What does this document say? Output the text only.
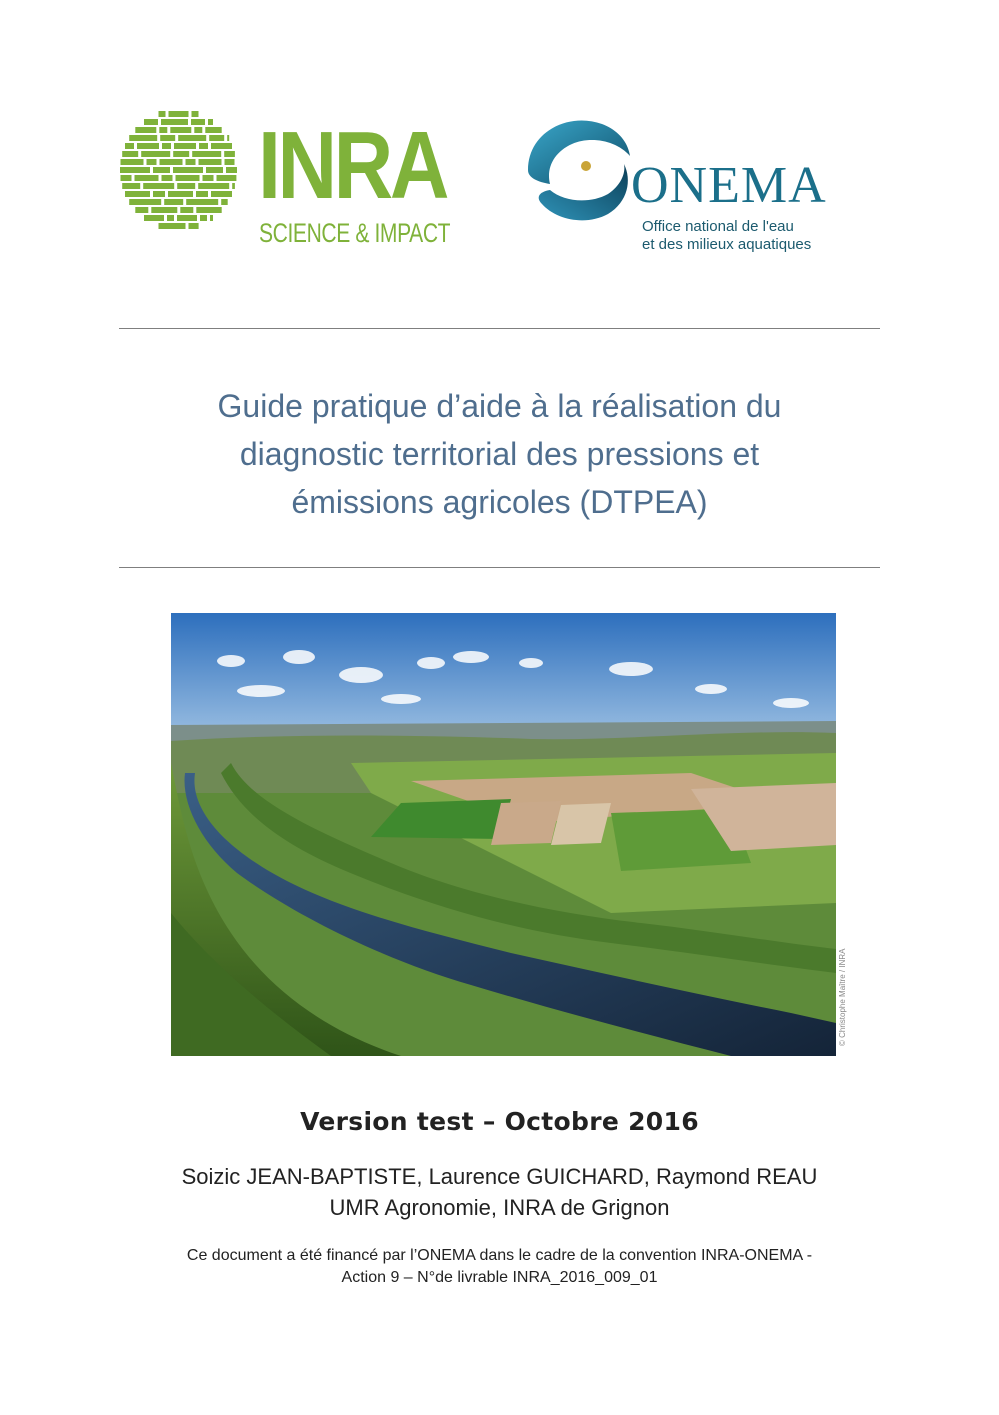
INRA
SCIENCE & IMPACT
ONEMA
Office national de l'eau
et des milieux aquatiques
Guide pratique d’aide à la réalisation du
diagnostic territorial des pressions et
émissions agricoles (DTPEA)
© Christophe Maître / INRA
Version test – Octobre 2016
Soizic JEAN-BAPTISTE, Laurence GUICHARD, Raymond REAU
UMR Agronomie, INRA de Grignon
Ce document a été financé par l’ONEMA dans le cadre de la convention INRA-ONEMA -
Action 9 – N°de livrable INRA_2016_009_01
